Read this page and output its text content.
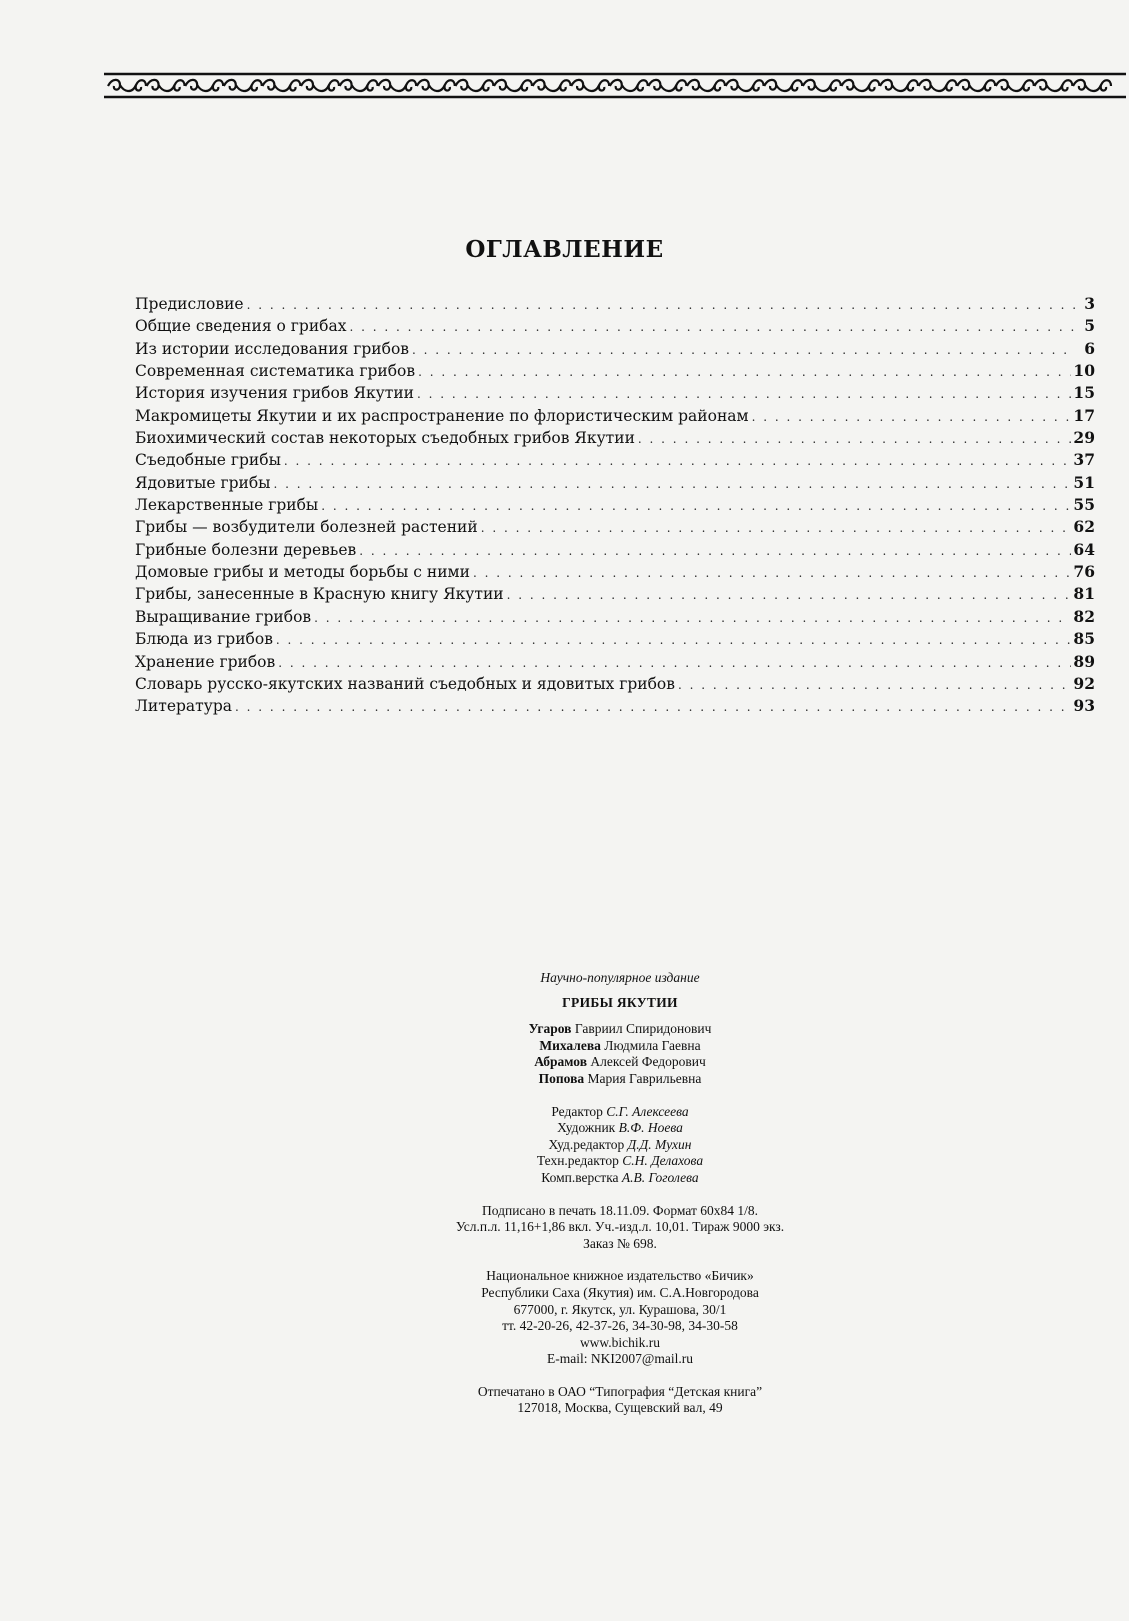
ОГЛАВЛЕНИЕ
Предисловие . . .	3
Общие сведения о грибах . . .	5
Из истории исследования грибов . . .	6
Современная систематика грибов . . .	10
История изучения грибов Якутии . . .	15
Макромицеты Якутии и их распространение по флористическим районам . . .	17
Биохимический состав некоторых съедобных грибов Якутии . . .	29
Съедобные грибы . . .	37
Ядовитые грибы . . .	51
Лекарственные грибы . . .	55
Грибы — возбудители болезней растений . . .	62
Грибные болезни деревьев . . .	64
Домовые грибы и методы борьбы с ними . . .	76
Грибы, занесенные в Красную книгу Якутии . . .	81
Выращивание грибов . . .	82
Блюда из грибов . . .	85
Хранение грибов . . .	89
Словарь русско-якутских названий съедобных и ядовитых грибов . . .	92
Литература . . .	93
Научно-популярное издание
ГРИБЫ ЯКУТИИ
Угаров Гавриил Спиридонович
Михалева Людмила Гаевна
Абрамов Алексей Федорович
Попова Мария Гаврильевна
Редактор С.Г. Алексеева
Художник В.Ф. Ноева
Худ.редактор Д.Д. Мухин
Техн.редактор С.Н. Делахова
Комп.верстка А.В. Гоголева
Подписано в печать 18.11.09. Формат 60х84 1/8.
Усл.п.л. 11,16+1,86 вкл. Уч.-изд.л. 10,01. Тираж 9000 экз.
Заказ № 698.
Национальное книжное издательство «Бичик»
Республики Саха (Якутия) им. С.А.Новгородова
677000, г. Якутск, ул. Курашова, 30/1
тт. 42-20-26, 42-37-26, 34-30-98, 34-30-58
www.bichik.ru
E-mail: NKI2007@mail.ru
Отпечатано в ОАО “Типография “Детская книга”
127018, Москва, Сущевский вал, 49
